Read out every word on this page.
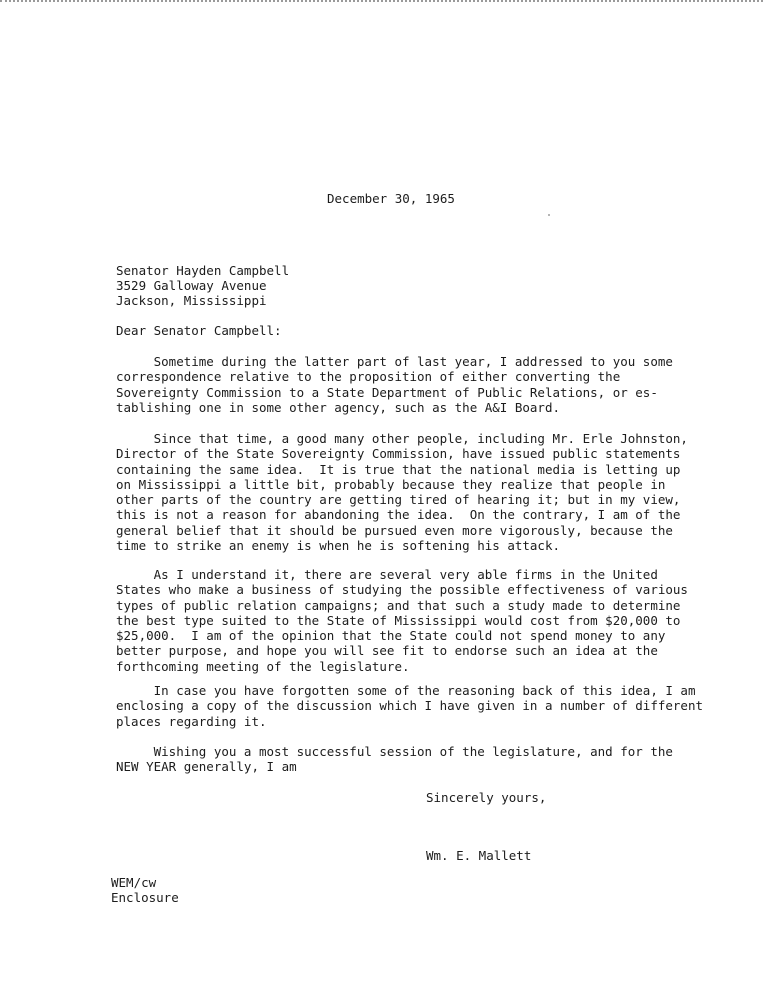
December 30, 1965
Senator Hayden Campbell
3529 Galloway Avenue
Jackson, Mississippi
Dear Senator Campbell:
Sometime during the latter part of last year, I addressed to you some
correspondence relative to the proposition of either converting the
Sovereignty Commission to a State Department of Public Relations, or es-
tablishing one in some other agency, such as the A&I Board.
Since that time, a good many other people, including Mr. Erle Johnston,
Director of the State Sovereignty Commission, have issued public statements
containing the same idea.  It is true that the national media is letting up
on Mississippi a little bit, probably because they realize that people in
other parts of the country are getting tired of hearing it; but in my view,
this is not a reason for abandoning the idea.  On the contrary, I am of the
general belief that it should be pursued even more vigorously, because the
time to strike an enemy is when he is softening his attack.
As I understand it, there are several very able firms in the United
States who make a business of studying the possible effectiveness of various
types of public relation campaigns; and that such a study made to determine
the best type suited to the State of Mississippi would cost from $20,000 to
$25,000.  I am of the opinion that the State could not spend money to any
better purpose, and hope you will see fit to endorse such an idea at the
forthcoming meeting of the legislature.
In case you have forgotten some of the reasoning back of this idea, I am
enclosing a copy of the discussion which I have given in a number of different
places regarding it.
Wishing you a most successful session of the legislature, and for the
NEW YEAR generally, I am
Sincerely yours,
Wm. E. Mallett
WEM/cw
Enclosure
